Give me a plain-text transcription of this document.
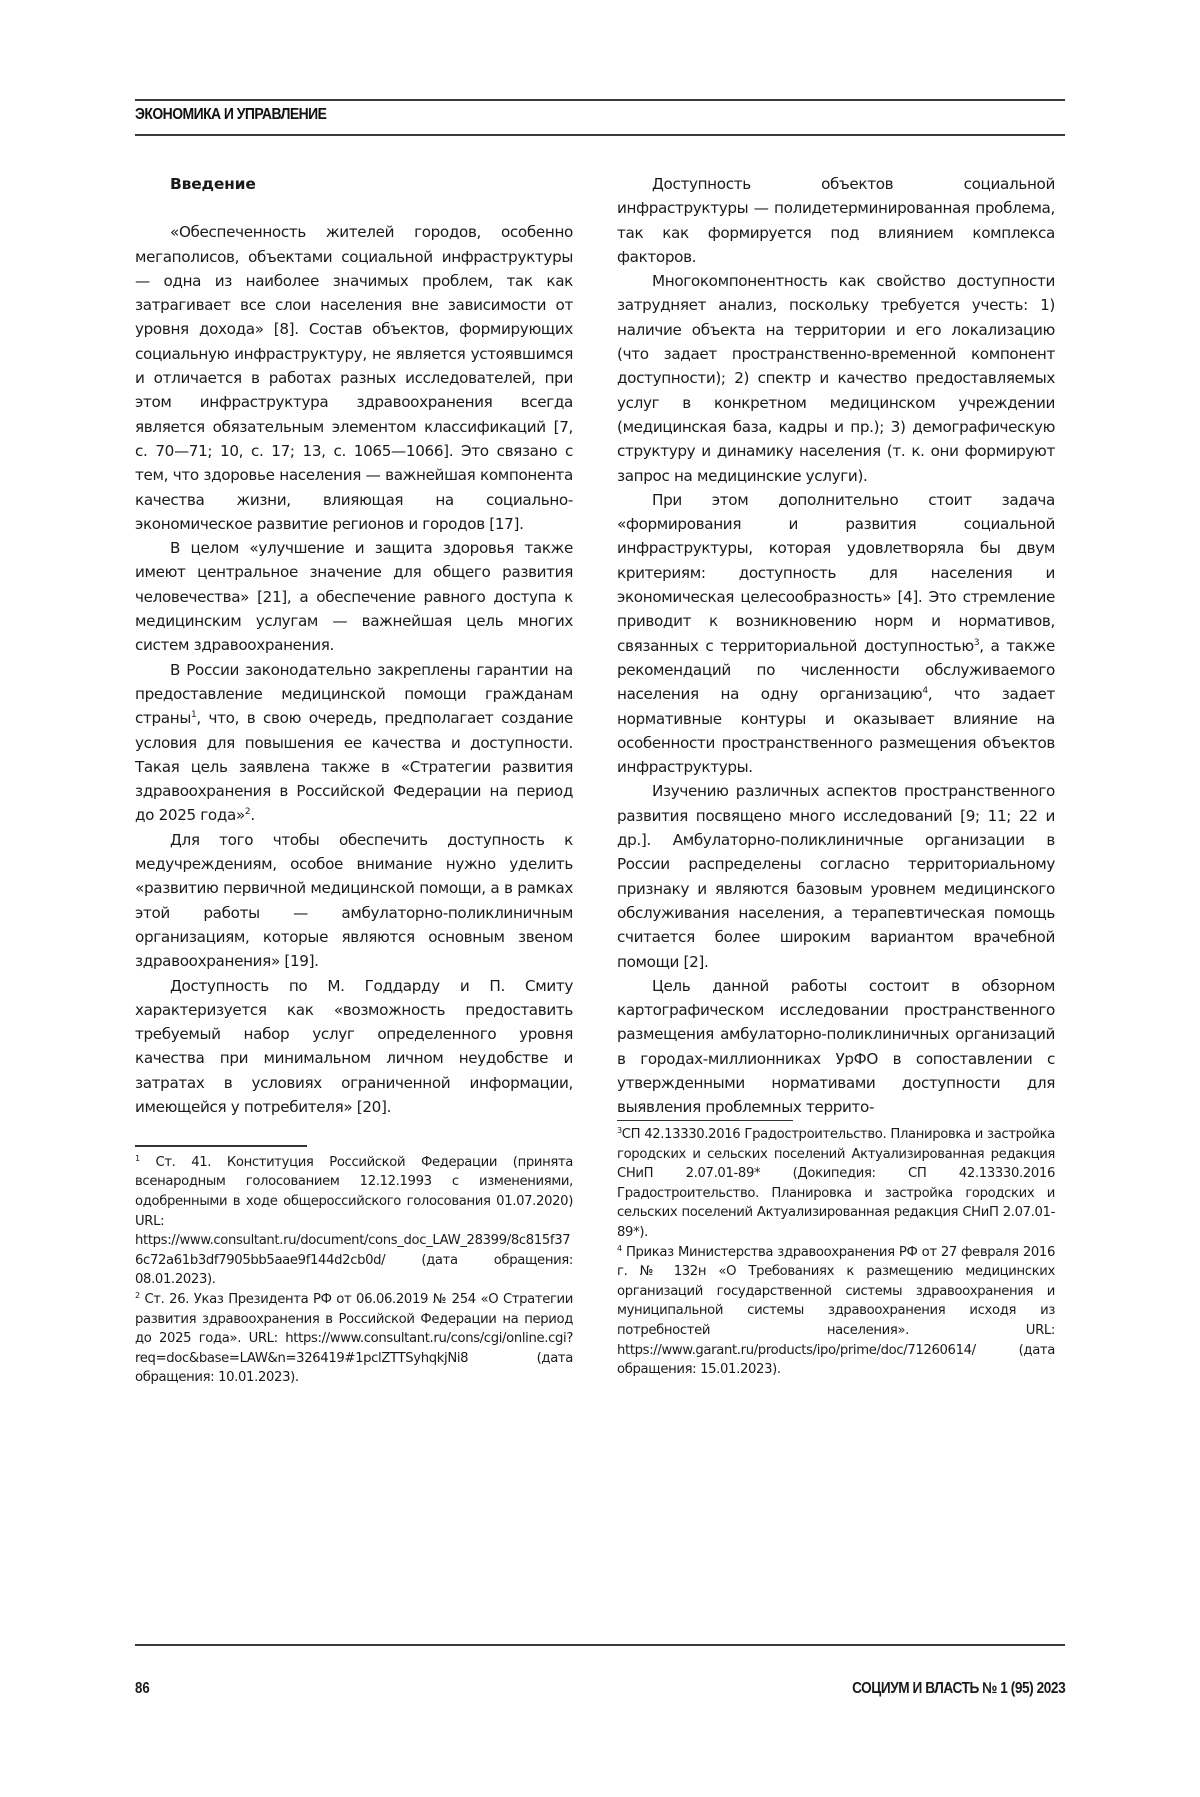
ЭКОНОМИКА И УПРАВЛЕНИЕ
Введение

«Обеспеченность жителей городов, особенно мегаполисов, объектами социальной инфраструктуры — одна из наиболее значимых проблем, так как затрагивает все слои населения вне зависимости от уровня дохода» [8]. Состав объектов, формирующих социальную инфраструктуру, не является устоявшимся и отличается в работах разных исследователей, при этом инфраструктура здравоохранения всегда является обязательным элементом классификаций [7, с. 70—71; 10, с. 17; 13, с. 1065—1066]. Это связано с тем, что здоровье населения — важнейшая компонента качества жизни, влияющая на социально-экономическое развитие регионов и городов [17].

В целом «улучшение и защита здоровья также имеют центральное значение для общего развития человечества» [21], а обеспечение равного доступа к медицинским услугам — важнейшая цель многих систем здравоохранения.

В России законодательно закреплены гарантии на предоставление медицинской помощи гражданам страны$^1$, что, в свою очередь, предполагает создание условия для повышения ее качества и доступности. Такая цель заявлена также в «Стратегии развития здравоохранения в Российской Федерации на период до 2025 года»$^2$.

Для того чтобы обеспечить доступность к медучреждениям, особое внимание нужно уделить «развитию первичной медицинской помощи, а в рамках этой работы — амбулаторно-поликлиничным организациям, которые являются основным звеном здравоохранения» [19].

Доступность по М. Годдарду и П. Смиту характеризуется как «возможность предоставить требуемый набор услуг определенного уровня качества при минимальном личном неудобстве и затратах в условиях ограниченной информации, имеющейся у потребителя» [20].

$^1$ Ст. 41. Конституция Российской Федерации (принята всенародным голосованием 12.12.1993 с изменениями, одобренными в ходе общероссийского голосования 01.07.2020) URL: https://www.consultant.ru/document/cons_doc_LAW_28399/8c815f376c72a61b3df7905bb5aae9f144d2cb0d/ (дата обращения: 08.01.2023).

$^2$ Ст. 26. Указ Президента РФ от 06.06.2019 № 254 «О Стратегии развития здравоохранения в Российской Федерации на период до 2025 года». URL: https://www.consultant.ru/cons/cgi/online.cgi?req=doc&base=LAW&n=326419#1pclZTTSyhqkjNi8 (дата обращения: 10.01.2023).

Доступность объектов социальной инфраструктуры — полидетерминированная проблема, так как формируется под влиянием комплекса факторов.

Многокомпонентность как свойство доступности затрудняет анализ, поскольку требуется учесть: 1) наличие объекта на территории и его локализацию (что задает пространственно-временной компонент доступности); 2) спектр и качество предоставляемых услуг в конкретном медицинском учреждении (медицинская база, кадры и пр.); 3) демографическую структуру и динамику населения (т. к. они формируют запрос на медицинские услуги).

При этом дополнительно стоит задача «формирования и развития социальной инфраструктуры, которая удовлетворяла бы двум критериям: доступность для населения и экономическая целесообразность» [4]. Это стремление приводит к возникновению норм и нормативов, связанных с территориальной доступностью$^3$, а также рекомендаций по численности обслуживаемого населения на одну организацию$^4$, что задает нормативные контуры и оказывает влияние на особенности пространственного размещения объектов инфраструктуры.

Изучению различных аспектов пространственного развития посвящено много исследований [9; 11; 22 и др.]. Амбулаторно-поликлиничные организации в России распределены согласно территориальному признаку и являются базовым уровнем медицинского обслуживания населения, а терапевтическая помощь считается более широким вариантом врачебной помощи [2].

Цель данной работы состоит в обзорном картографическом исследовании пространственного размещения амбулаторно-поликлиничных организаций в городах-миллионниках УрФО в сопоставлении с утвержденными нормативами доступности для выявления проблемных террито-

$^3$СП 42.13330.2016 Градостроительство. Планировка и застройка городских и сельских поселений Актуализированная редакция СНиП 2.07.01-89* (Докипедия: СП 42.13330.2016 Градостроительство. Планировка и застройка городских и сельских поселений Актуализированная редакция СНиП 2.07.01-89*).

$^4$ Приказ Министерства здравоохранения РФ от 27 февраля 2016 г. № 132н «О Требованиях к размещению медицинских организаций государственной системы здравоохранения и муниципальной системы здравоохранения исходя из потребностей населения». URL: https://www.garant.ru/products/ipo/prime/doc/71260614/ (дата обращения: 15.01.2023).

86	СОЦИУМ И ВЛАСТЬ № 1 (95) 2023
